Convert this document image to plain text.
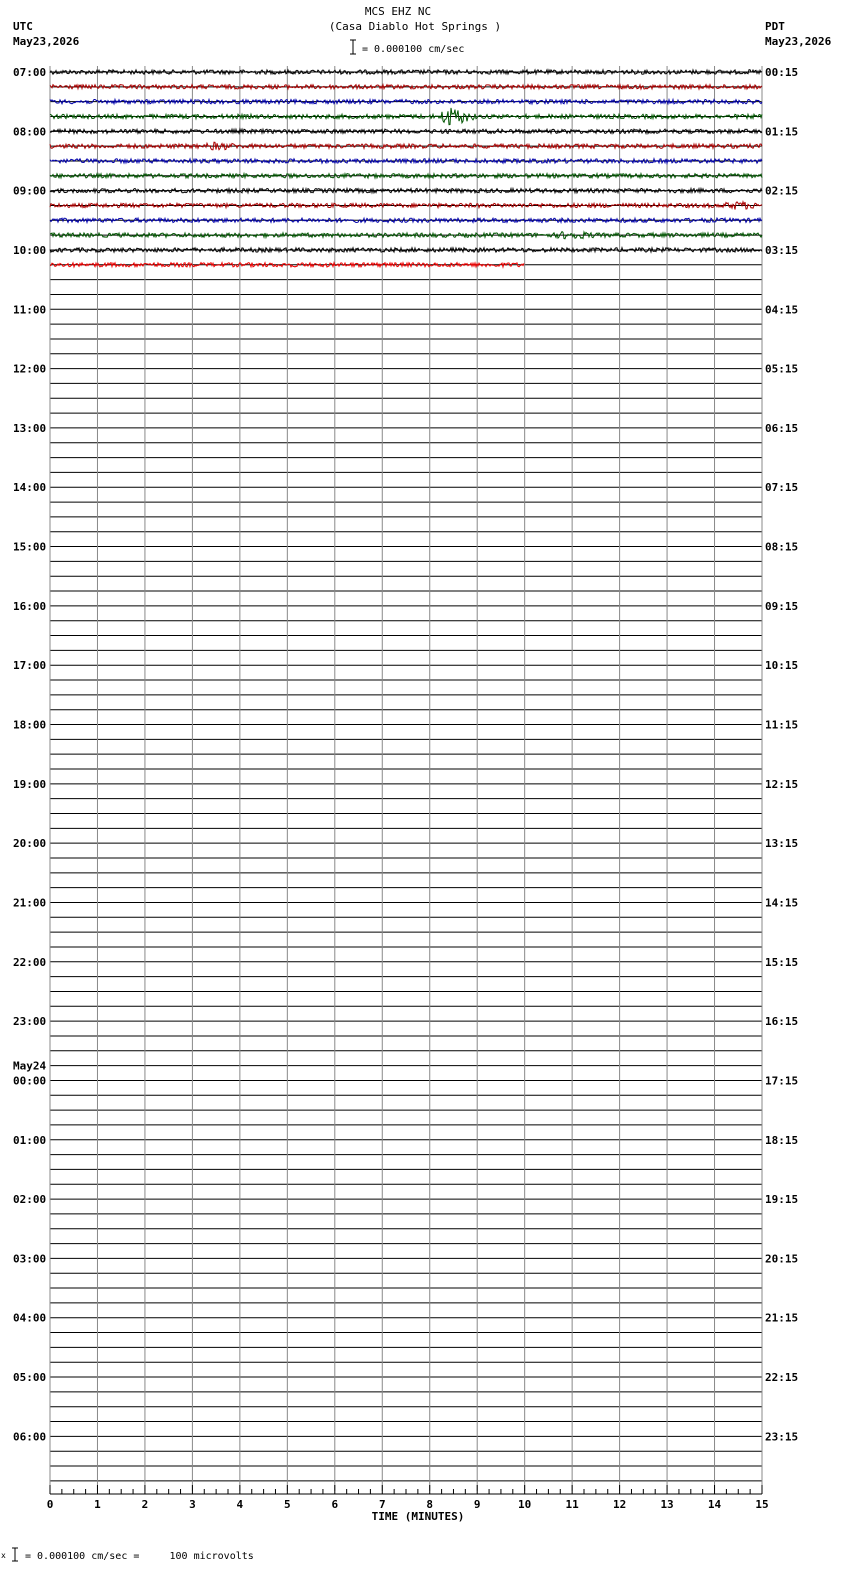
MCS EHZ NC
(Casa Diablo Hot Springs )
= 0.000100 cm/sec
UTC
May23,2026
PDT
May23,2026
07:00
08:00
09:00
10:00
11:00
12:00
13:00
14:00
15:00
16:00
17:00
18:00
19:00
20:00
21:00
22:00
23:00
00:00
01:00
02:00
03:00
04:00
05:00
06:00
May24
00:15
01:15
02:15
03:15
04:15
05:15
06:15
07:15
08:15
09:15
10:15
11:15
12:15
13:15
14:15
15:15
16:15
17:15
18:15
19:15
20:15
21:15
22:15
23:15
0	1	2	3	4	5	6	7	8	9	10	11	12	13	14	15
TIME (MINUTES)
x = 0.000100 cm/sec =     100 microvolts
